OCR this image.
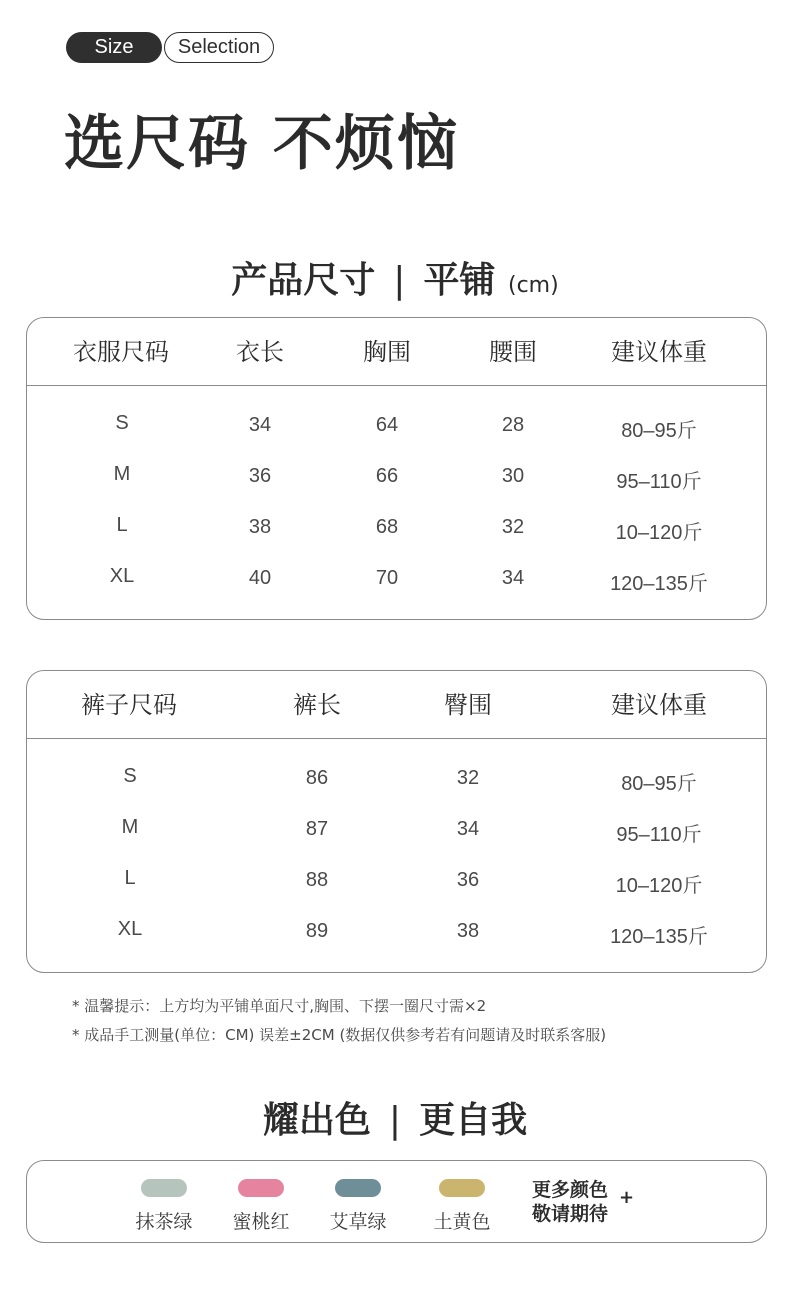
Size	Selection
选尺码 不烦恼
产品尺寸 | 平铺 (cm)
衣服尺码	衣长	胸围	腰围	建议体重
S	34	64	28	80–95斤
M	36	66	30	95–110斤
L	38	68	32	10–120斤
XL	40	70	34	120–135斤
裤子尺码	裤长	臀围	建议体重
S	86	32	80–95斤
M	87	34	95–110斤
L	88	36	10–120斤
XL	89	38	120–135斤
* 温馨提示：上方均为平铺单面尺寸,胸围、下摆一圈尺寸需×2
* 成品手工测量(单位：CM) 误差±2CM (数据仅供参考若有问题请及时联系客服)
耀出色 | 更自我
抹茶绿 蜜桃红 艾草绿 土黄色
更多颜色
敬请期待
+
